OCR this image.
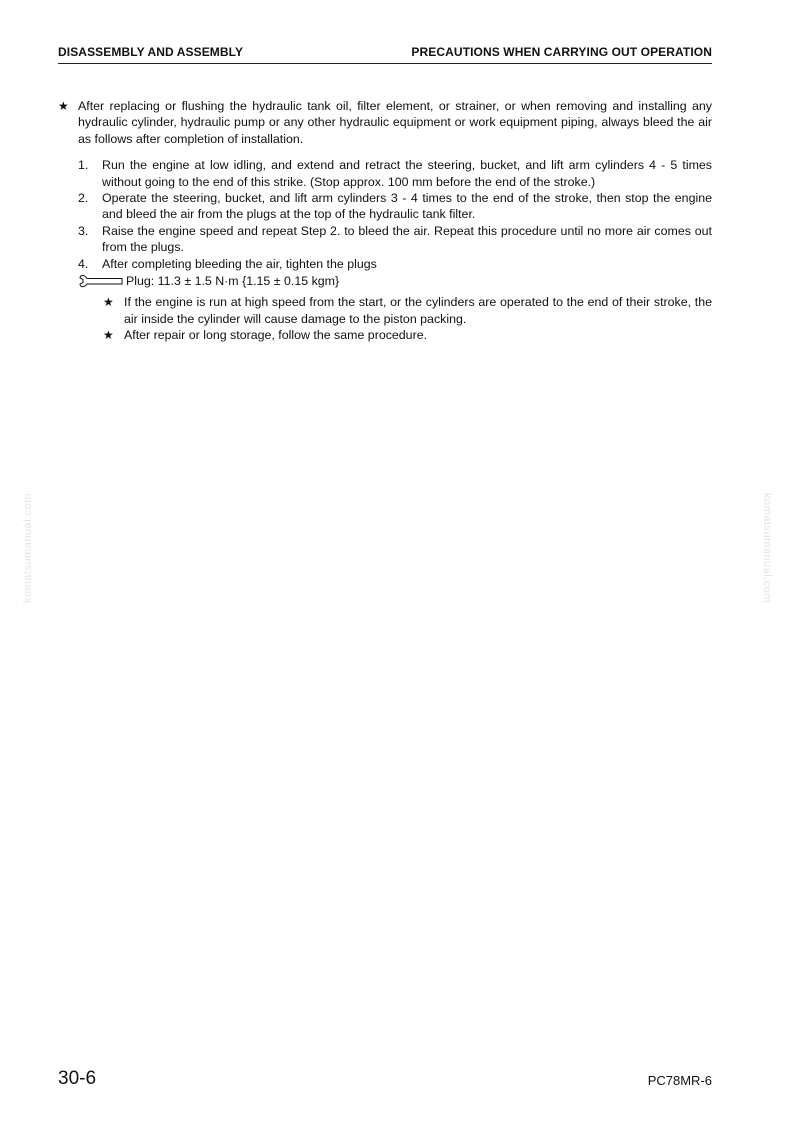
DISASSEMBLY AND ASSEMBLY	PRECAUTIONS WHEN CARRYING OUT OPERATION
★ After replacing or flushing the hydraulic tank oil, filter element, or strainer, or when removing and installing any hydraulic cylinder, hydraulic pump or any other hydraulic equipment or work equipment piping, always bleed the air as follows after completion of installation.
1. Run the engine at low idling, and extend and retract the steering, bucket, and lift arm cylinders 4 - 5 times without going to the end of this strike. (Stop approx. 100 mm before the end of the stroke.)
2. Operate the steering, bucket, and lift arm cylinders 3 - 4 times to the end of the stroke, then stop the engine and bleed the air from the plugs at the top of the hydraulic tank filter.
3. Raise the engine speed and repeat Step 2. to bleed the air. Repeat this procedure until no more air comes out from the plugs.
4. After completing bleeding the air, tighten the plugs
Plug: 11.3 ± 1.5 N·m {1.15 ± 0.15 kgm}
★ If the engine is run at high speed from the start, or the cylinders are operated to the end of their stroke, the air inside the cylinder will cause damage to the piston packing.
★ After repair or long storage, follow the same procedure.
komatsumanual.com	komatsumanual.com
30-6	PC78MR-6
